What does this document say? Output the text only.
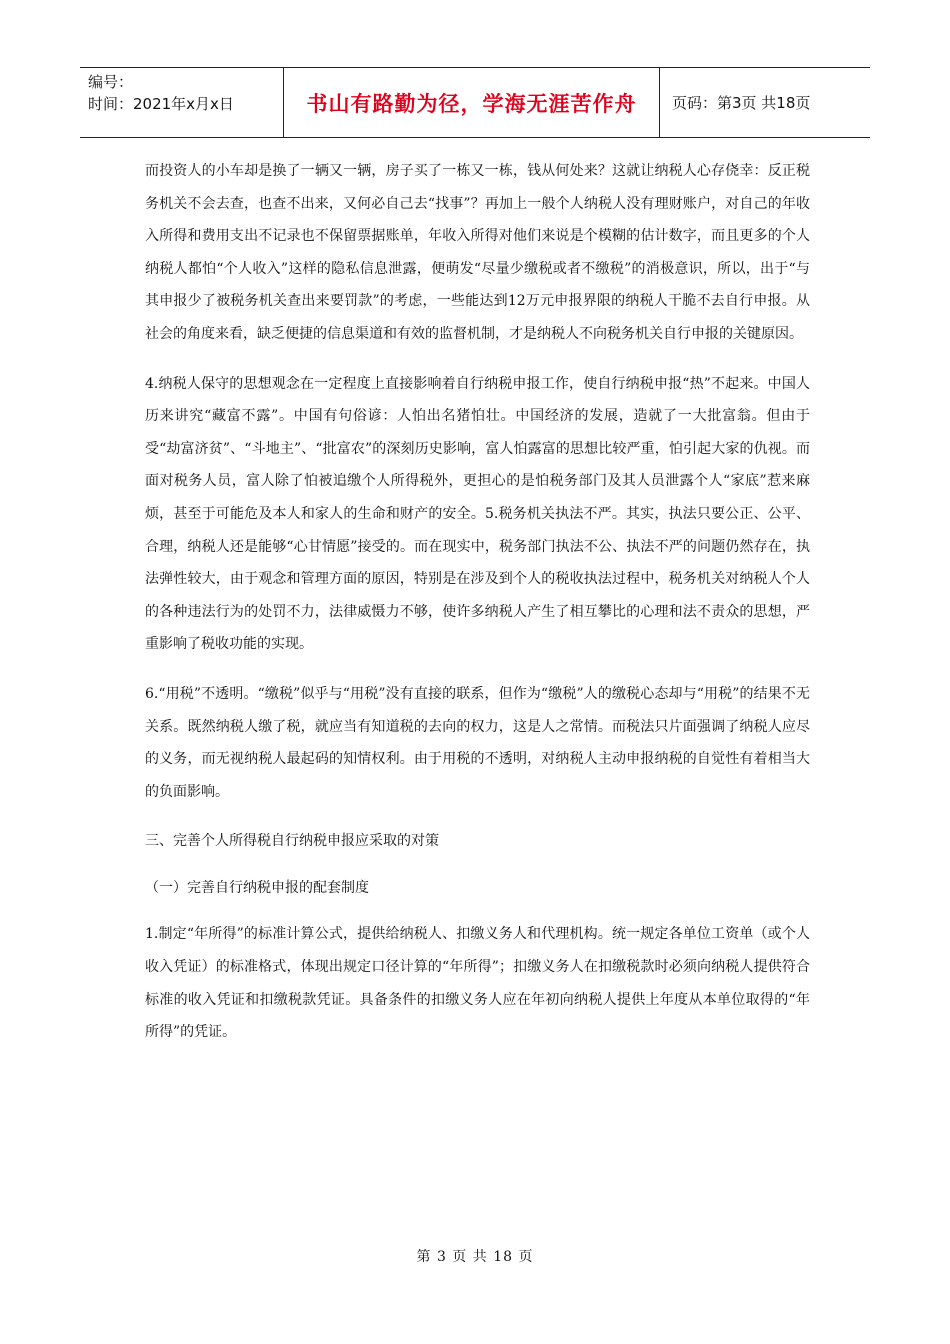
编号：
时间：2021年x月x日	书山有路勤为径，学海无涯苦作舟 页码：第3页 共18页

而投资人的小车却是换了一辆又一辆，房子买了一栋又一栋，钱从何处来？这就让纳税人心存侥幸：反正税务机关不会去查，也查不出来，又何必自己去“找事”？再加上一般个人纳税人没有理财账户，对自己的年收入所得和费用支出不记录也不保留票据账单，年收入所得对他们来说是个模糊的估计数字，而且更多的个人纳税人都怕“个人收入”这样的隐私信息泄露，便萌发“尽量少缴税或者不缴税”的消极意识，所以，出于“与其申报少了被税务机关查出来要罚款”的考虑，一些能达到12万元申报界限的纳税人干脆不去自行申报。从社会的角度来看，缺乏便捷的信息渠道和有效的监督机制，才是纳税人不向税务机关自行申报的关键原因。

4.纳税人保守的思想观念在一定程度上直接影响着自行纳税申报工作，使自行纳税申报“热”不起来。中国人历来讲究“藏富不露”。中国有句俗谚：人怕出名猪怕壮。中国经济的发展，造就了一大批富翁。但由于受“劫富济贫”、“斗地主”、“批富农”的深刻历史影响，富人怕露富的思想比较严重，怕引起大家的仇视。而面对税务人员，富人除了怕被追缴个人所得税外，更担心的是怕税务部门及其人员泄露个人“家底”惹来麻烦，甚至于可能危及本人和家人的生命和财产的安全。5.税务机关执法不严。其实，执法只要公正、公平、合理，纳税人还是能够“心甘情愿”接受的。而在现实中，税务部门执法不公、执法不严的问题仍然存在，执法弹性较大，由于观念和管理方面的原因，特别是在涉及到个人的税收执法过程中，税务机关对纳税人个人的各种违法行为的处罚不力，法律威慑力不够，使许多纳税人产生了相互攀比的心理和法不责众的思想，严重影响了税收功能的实现。

6.“用税”不透明。“缴税”似乎与“用税”没有直接的联系，但作为“缴税”人的缴税心态却与“用税”的结果不无关系。既然纳税人缴了税，就应当有知道税的去向的权力，这是人之常情。而税法只片面强调了纳税人应尽的义务，而无视纳税人最起码的知情权利。由于用税的不透明，对纳税人主动申报纳税的自觉性有着相当大的负面影响。

三、完善个人所得税自行纳税申报应采取的对策

（一）完善自行纳税申报的配套制度

1.制定“年所得”的标准计算公式，提供给纳税人、扣缴义务人和代理机构。统一规定各单位工资单（或个人收入凭证）的标准格式，体现出规定口径计算的“年所得”；扣缴义务人在扣缴税款时必须向纳税人提供符合标准的收入凭证和扣缴税款凭证。具备条件的扣缴义务人应在年初向纳税人提供上年度从本单位取得的“年所得”的凭证。

第 3 页 共 18 页
